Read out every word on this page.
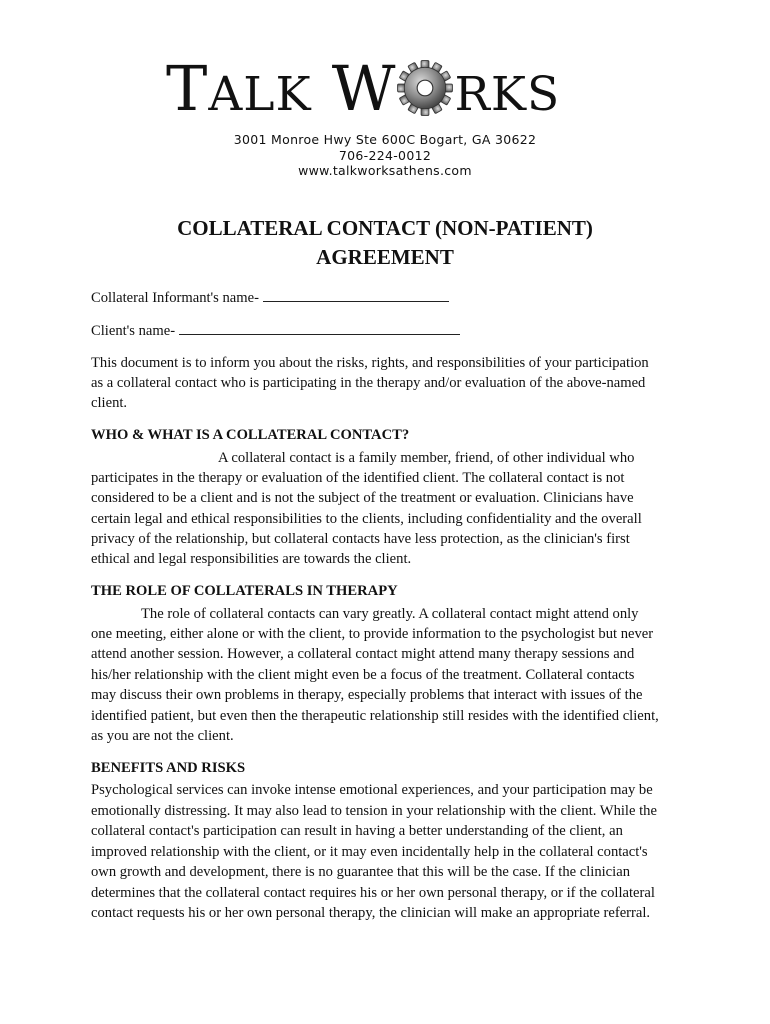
TALK W RKS
3001 Monroe Hwy Ste 600C Bogart, GA 30622
706-224-0012
www.talkworksathens.com
COLLATERAL CONTACT (NON-PATIENT)
AGREEMENT
Collateral Informant's name-
Client's name-
This document is to inform you about the risks, rights, and responsibilities of your participation
as a collateral contact who is participating in the therapy and/or evaluation of the above-named
client.
WHO & WHAT IS A COLLATERAL CONTACT?
A collateral contact is a family member, friend, of other individual who
participates in the therapy or evaluation of the identified client. The collateral contact is not
considered to be a client and is not the subject of the treatment or evaluation. Clinicians have
certain legal and ethical responsibilities to the clients, including confidentiality and the overall
privacy of the relationship, but collateral contacts have less protection, as the clinician's first
ethical and legal responsibilities are towards the client.
THE ROLE OF COLLATERALS IN THERAPY
The role of collateral contacts can vary greatly. A collateral contact might attend only
one meeting, either alone or with the client, to provide information to the psychologist but never
attend another session. However, a collateral contact might attend many therapy sessions and
his/her relationship with the client might even be a focus of the treatment. Collateral contacts
may discuss their own problems in therapy, especially problems that interact with issues of the
identified patient, but even then the therapeutic relationship still resides with the identified client,
as you are not the client.
BENEFITS AND RISKS
Psychological services can invoke intense emotional experiences, and your participation may be
emotionally distressing. It may also lead to tension in your relationship with the client. While the
collateral contact's participation can result in having a better understanding of the client, an
improved relationship with the client, or it may even incidentally help in the collateral contact's
own growth and development, there is no guarantee that this will be the case. If the clinician
determines that the collateral contact requires his or her own personal therapy, or if the collateral
contact requests his or her own personal therapy, the clinician will make an appropriate referral.
